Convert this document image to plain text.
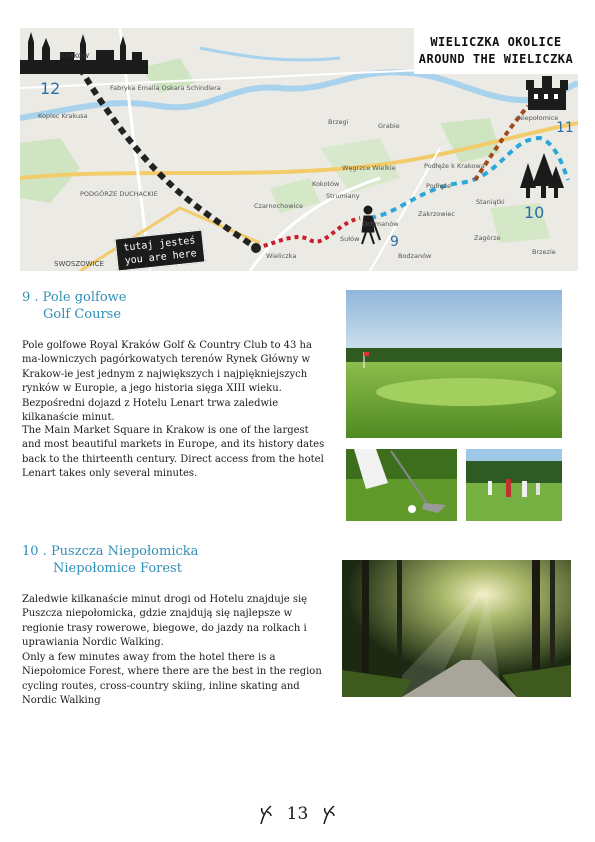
12
11
10
9
Kraków
Fabryka Emalia Oskara Schindlera
Kopiec Krakusa
PODGÓRZE DUCHACKIE
SWOSZOWICE
Czarnochowice
Wieliczka
Węgrzce Wielkie
Kokotów
Strumiany
Sułów
Ochmanów
Zakrzowiec
Podłęże
Podłęże k Krakowa
Niepołomice
Staniątki
Zagórze
Brzezie
Bodzanów
Grabie
Brzegi
WIELICZKA OKOLICE
AROUND THE WIELICZKA
tutaj jesteś
you are here
9 . Pole golfowe
Golf Course

Pole golfowe Royal Kraków Golf & Country Club to 43 ha ma-lowniczych pagórkowatych terenów Rynek Główny w Krakow-ie jest jednym z największych i najpiękniejszych rynków w Europie, a jego historia sięga XIII wieku. Bezpośredni dojazd z Hotelu Lenart trwa zaledwie kilkanaście minut.

The Main Market Square in Krakow is one of the largest and most beautiful markets in Europe, and its history dates back to the thirteenth century. Direct access from the hotel Lenart takes only several minutes.

10 . Puszcza Niepołomicka
Niepołomice Forest

Zaledwie kilkanaście minut drogi od Hotelu znajduje się Puszcza niepołomicka, gdzie znajdują się najlepsze w regionie trasy rowerowe, biegowe, do jazdy na rolkach i uprawiania Nordic Walking.

Only a few minutes away from the hotel there is a Niepołomice Forest, where there are the best in the region cycling routes, cross-country skiing, inline skating and Nordic Walking

13
